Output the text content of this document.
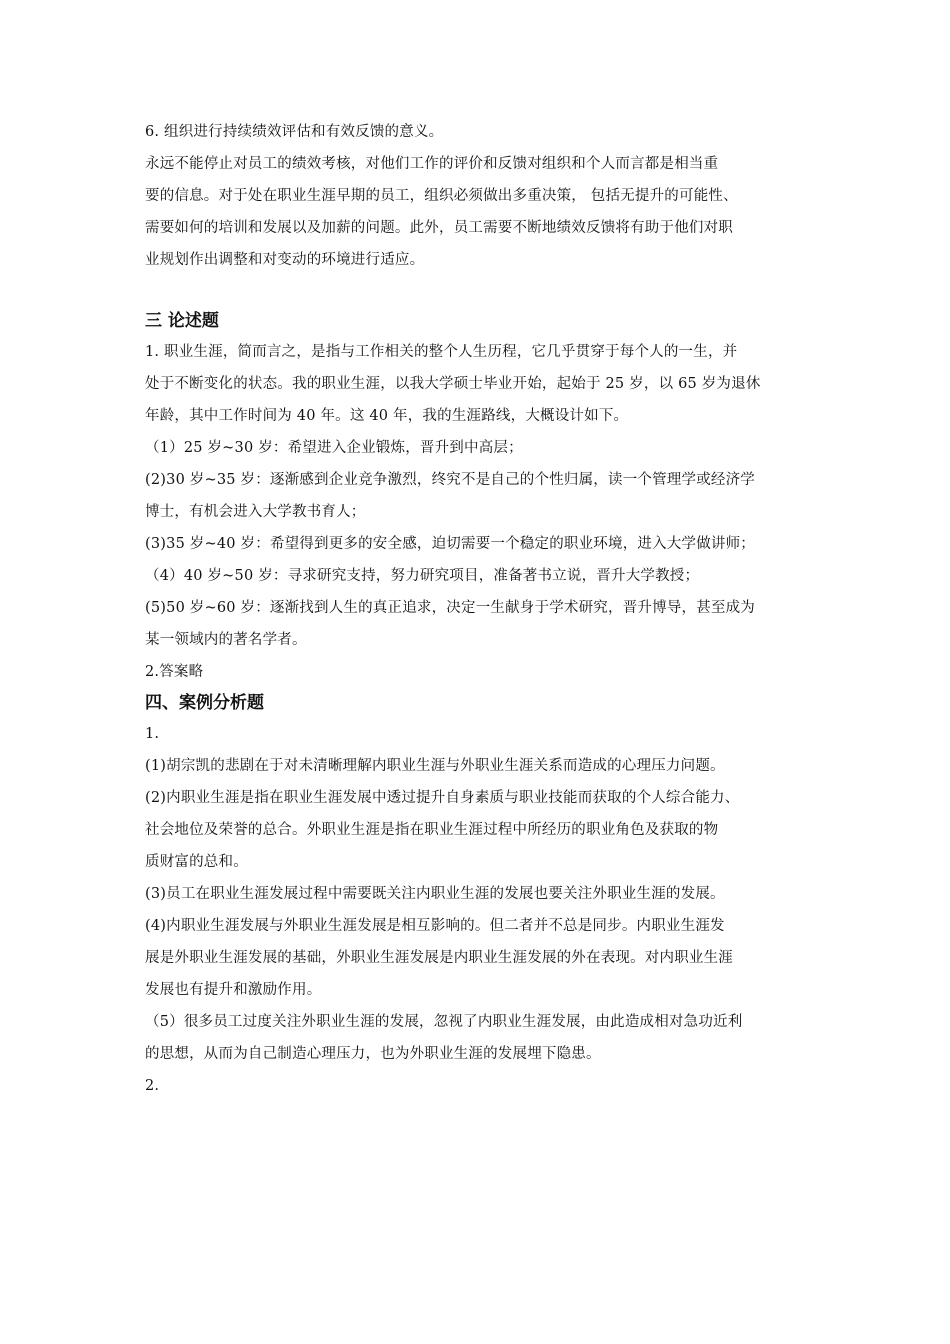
6. 组织进行持续绩效评估和有效反馈的意义。
永远不能停止对员工的绩效考核，对他们工作的评价和反馈对组织和个人而言都是相当重
要的信息。对于处在职业生涯早期的员工，组织必须做出多重决策， 包括无提升的可能性、
需要如何的培训和发展以及加薪的问题。此外，员工需要不断地绩效反馈将有助于他们对职
业规划作出调整和对变动的环境进行适应。
三 论述题
1. 职业生涯，简而言之，是指与工作相关的整个人生历程，它几乎贯穿于每个人的一生，并
处于不断变化的状态。我的职业生涯，以我大学硕士毕业开始，起始于 25 岁，以 65 岁为退休
年龄，其中工作时间为 40 年。这 40 年，我的生涯路线，大概设计如下。
（1）25 岁~30 岁：希望进入企业锻炼，晋升到中高层；
(2)30 岁~35 岁：逐渐感到企业竞争激烈，终究不是自己的个性归属，读一个管理学或经济学
博士，有机会进入大学教书育人；
(3)35 岁~40 岁：希望得到更多的安全感，迫切需要一个稳定的职业环境，进入大学做讲师；
（4）40 岁~50 岁：寻求研究支持，努力研究项目，准备著书立说，晋升大学教授；
(5)50 岁~60 岁：逐渐找到人生的真正追求，决定一生献身于学术研究，晋升博导，甚至成为
某一领域内的著名学者。
2.答案略
四、案例分析题
1.
(1)胡宗凯的悲剧在于对未清晰理解内职业生涯与外职业生涯关系而造成的心理压力问题。
(2)内职业生涯是指在职业生涯发展中透过提升自身素质与职业技能而获取的个人综合能力、
社会地位及荣誉的总合。外职业生涯是指在职业生涯过程中所经历的职业角色及获取的物
质财富的总和。
(3)员工在职业生涯发展过程中需要既关注内职业生涯的发展也要关注外职业生涯的发展。
(4)内职业生涯发展与外职业生涯发展是相互影响的。但二者并不总是同步。内职业生涯发
展是外职业生涯发展的基础，外职业生涯发展是内职业生涯发展的外在表现。对内职业生涯
发展也有提升和激励作用。
（5）很多员工过度关注外职业生涯的发展，忽视了内职业生涯发展，由此造成相对急功近利
的思想，从而为自己制造心理压力，也为外职业生涯的发展埋下隐患。
2.
